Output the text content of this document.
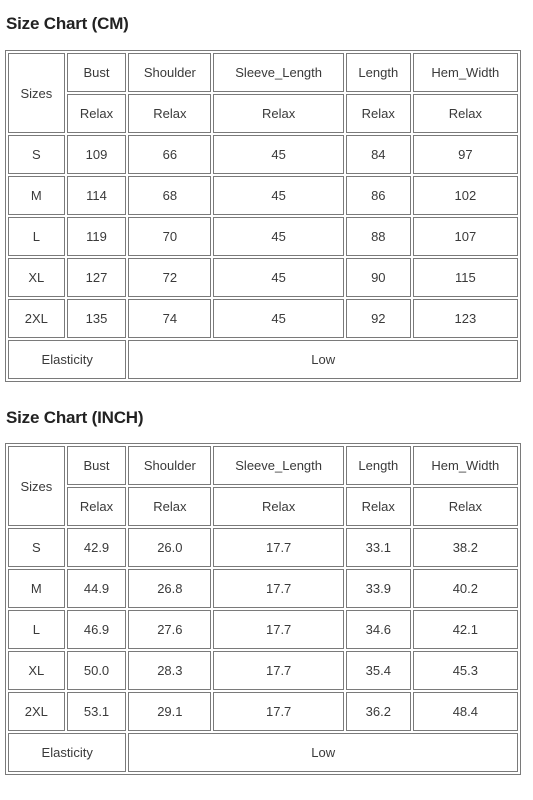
Size Chart (CM)
Sizes	Bust	Shoulder	Sleeve_Length	Length	Hem_Width
	Relax	Relax	Relax	Relax	Relax
S	109	66	45	84	97
M	114	68	45	86	102
L	119	70	45	88	107
XL	127	72	45	90	115
2XL	135	74	45	92	123
Elasticity		Low			
Size Chart (INCH)
Sizes	Bust	Shoulder	Sleeve_Length	Length	Hem_Width
	Relax	Relax	Relax	Relax	Relax
S	42.9	26.0	17.7	33.1	38.2
M	44.9	26.8	17.7	33.9	40.2
L	46.9	27.6	17.7	34.6	42.1
XL	50.0	28.3	17.7	35.4	45.3
2XL	53.1	29.1	17.7	36.2	48.4
Elasticity		Low			
